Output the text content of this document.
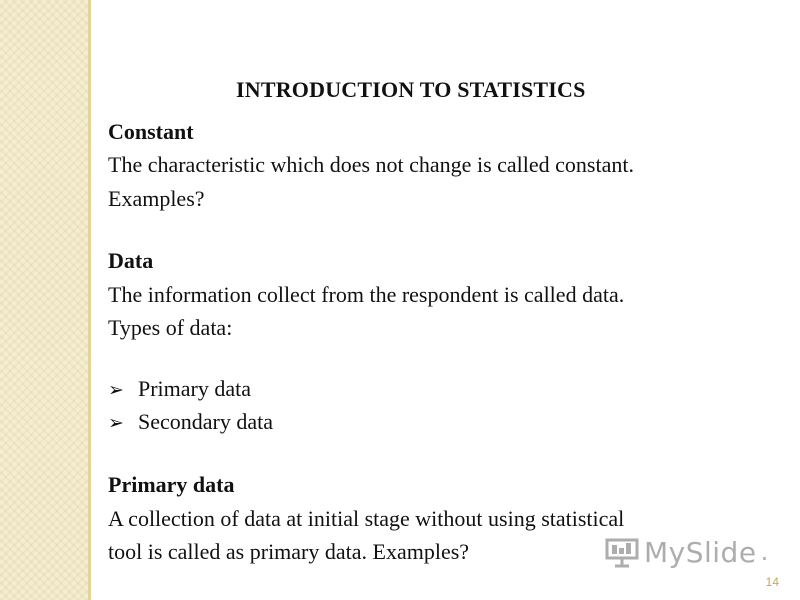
INTRODUCTION TO STATISTICS
Constant
The characteristic which does not change is called constant.
Examples?
Data
The information collect from the respondent is called data.
Types of data:
➢ Primary data
➢ Secondary data
Primary data
A collection of data at initial stage without using statistical
tool is called as primary data. Examples?	MySlide .
14
